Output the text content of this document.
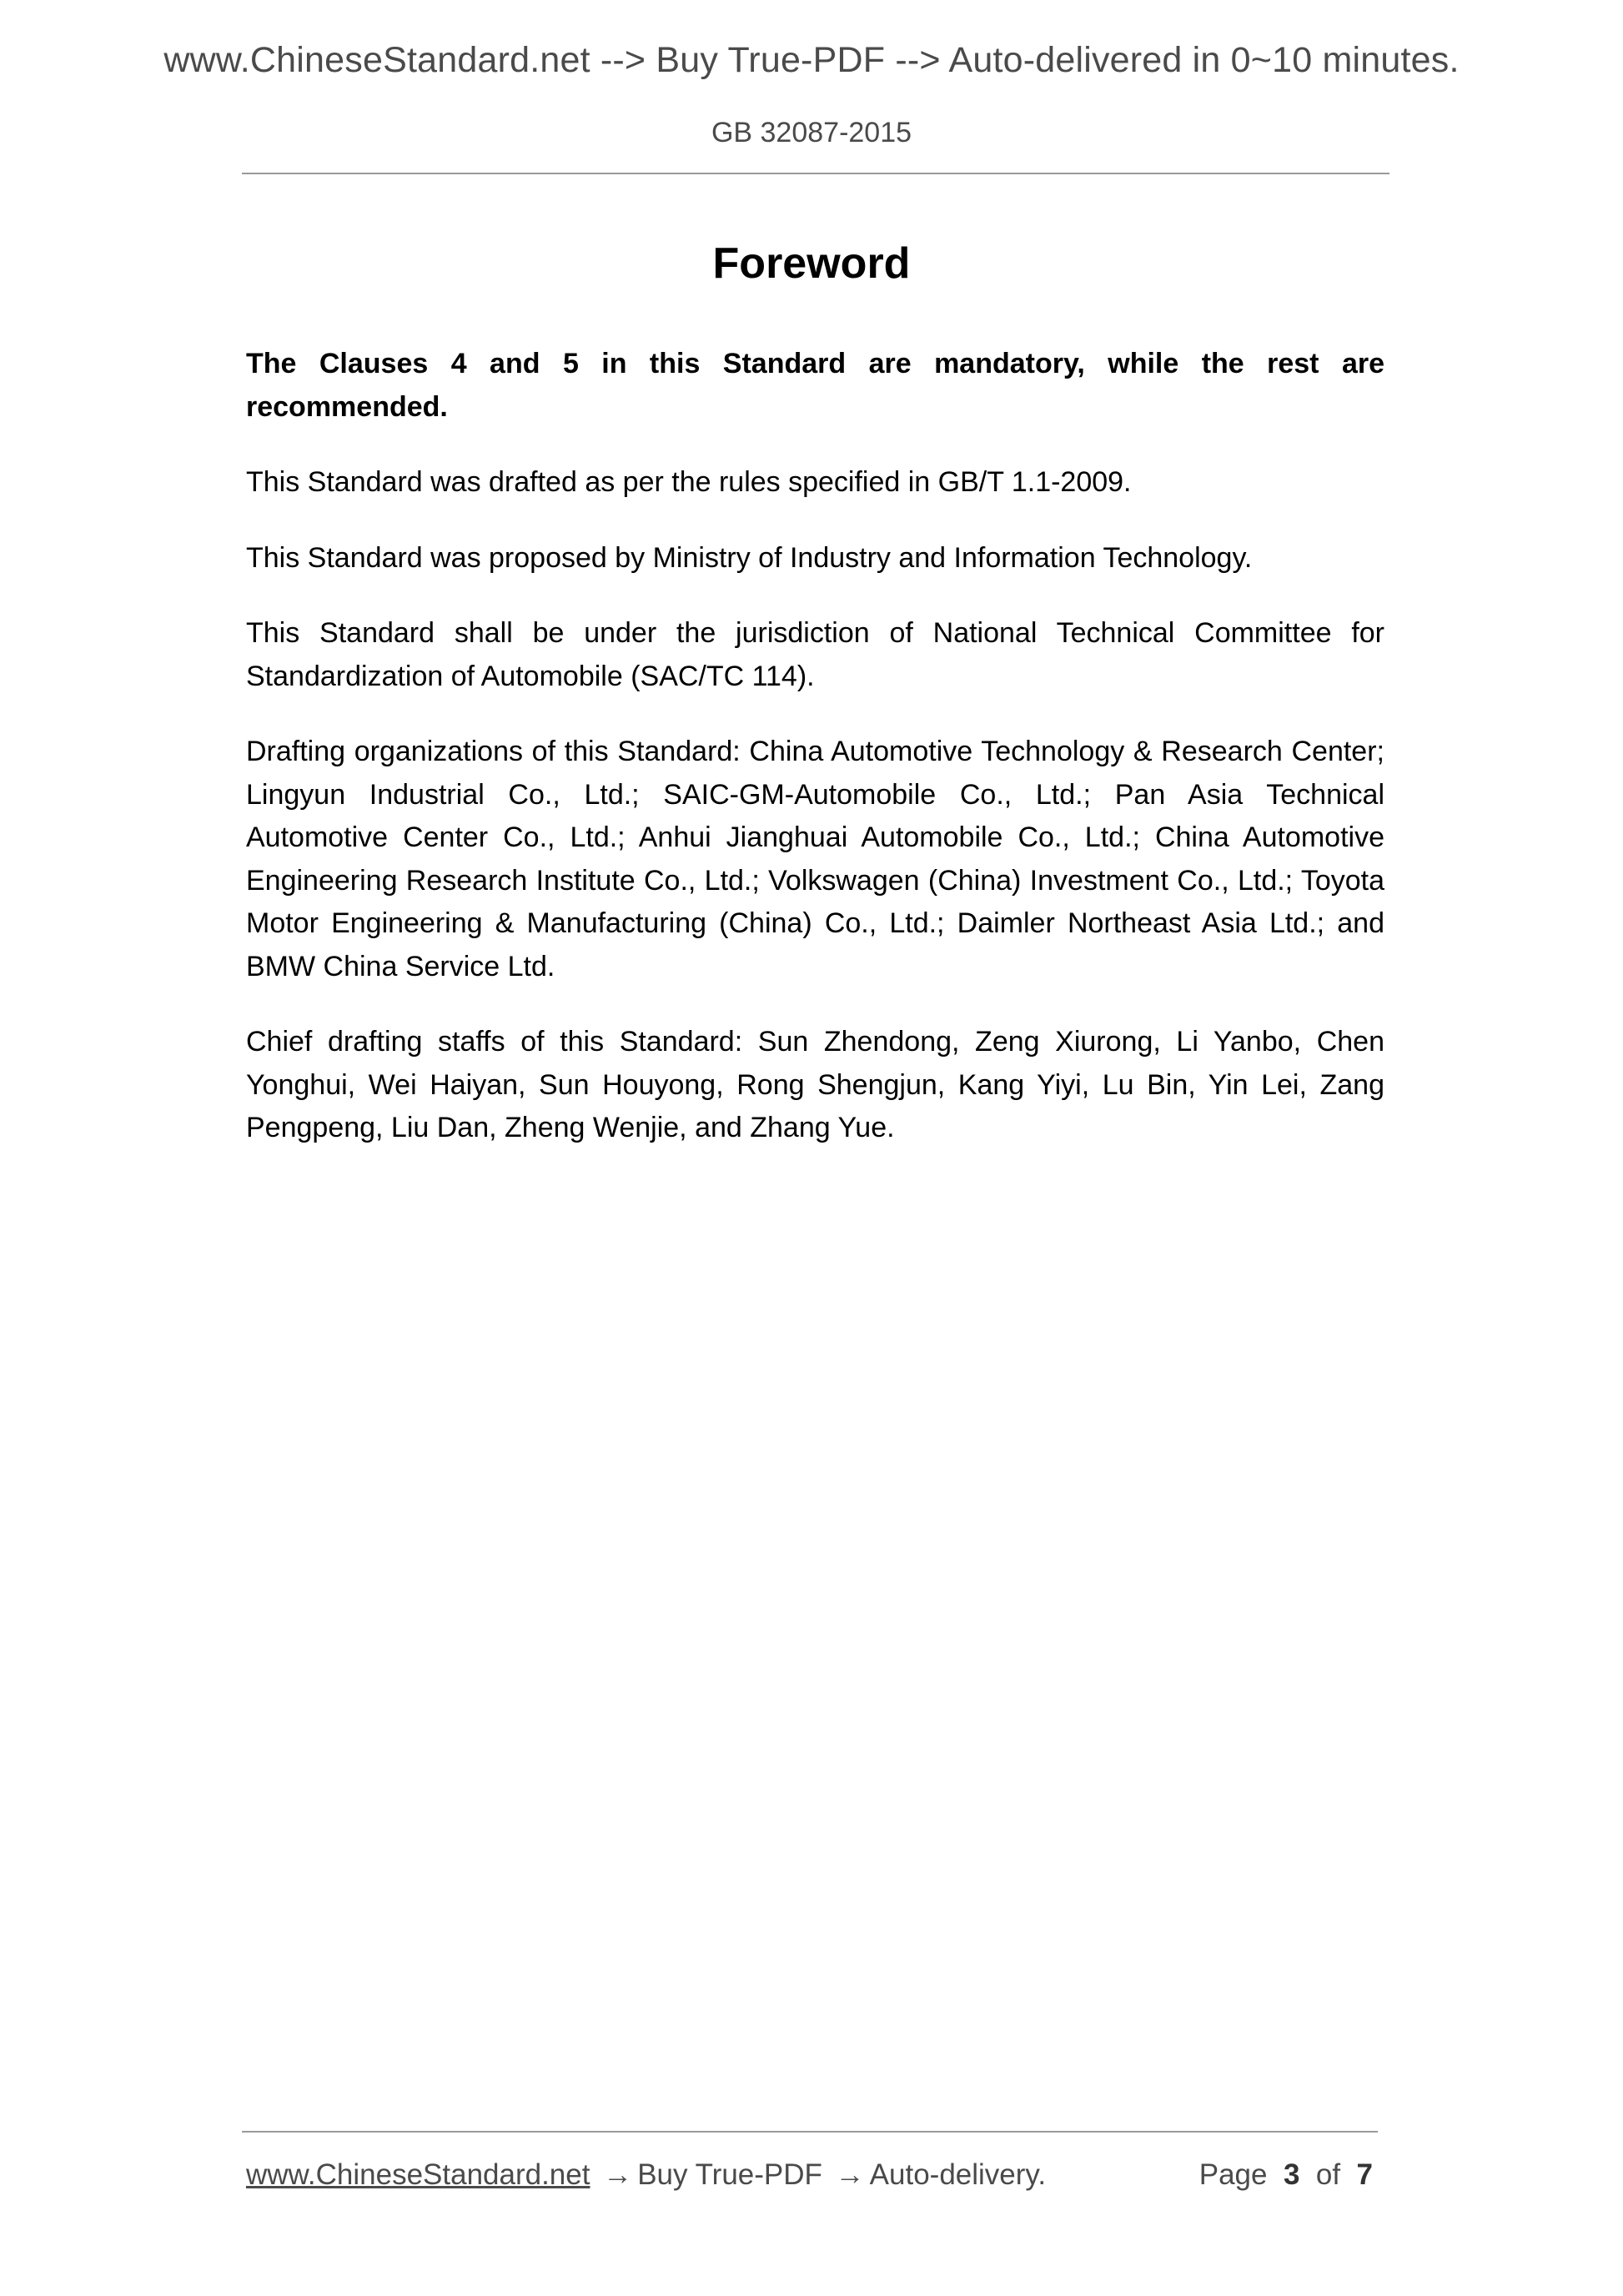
www.ChineseStandard.net --> Buy True-PDF --> Auto-delivered in 0~10 minutes.
GB 32087-2015
Foreword

The Clauses 4 and 5 in this Standard are mandatory, while the rest are recommended.

This Standard was drafted as per the rules specified in GB/T 1.1-2009.

This Standard was proposed by Ministry of Industry and Information Technology.

This Standard shall be under the jurisdiction of National Technical Committee for Standardization of Automobile (SAC/TC 114).

Drafting organizations of this Standard: China Automotive Technology & Research Center; Lingyun Industrial Co., Ltd.; SAIC-GM-Automobile Co., Ltd.; Pan Asia Technical Automotive Center Co., Ltd.; Anhui Jianghuai Automobile Co., Ltd.; China Automotive Engineering Research Institute Co., Ltd.; Volkswagen (China) Investment Co., Ltd.; Toyota Motor Engineering & Manufacturing (China) Co., Ltd.; Daimler Northeast Asia Ltd.; and BMW China Service Ltd.

Chief drafting staffs of this Standard: Sun Zhendong, Zeng Xiurong, Li Yanbo, Chen Yonghui, Wei Haiyan, Sun Houyong, Rong Shengjun, Kang Yiyi, Lu Bin, Yin Lei, Zang Pengpeng, Liu Dan, Zheng Wenjie, and Zhang Yue.

www.ChineseStandard.net → Buy True-PDF → Auto-delivery.	Page 3 of 7
